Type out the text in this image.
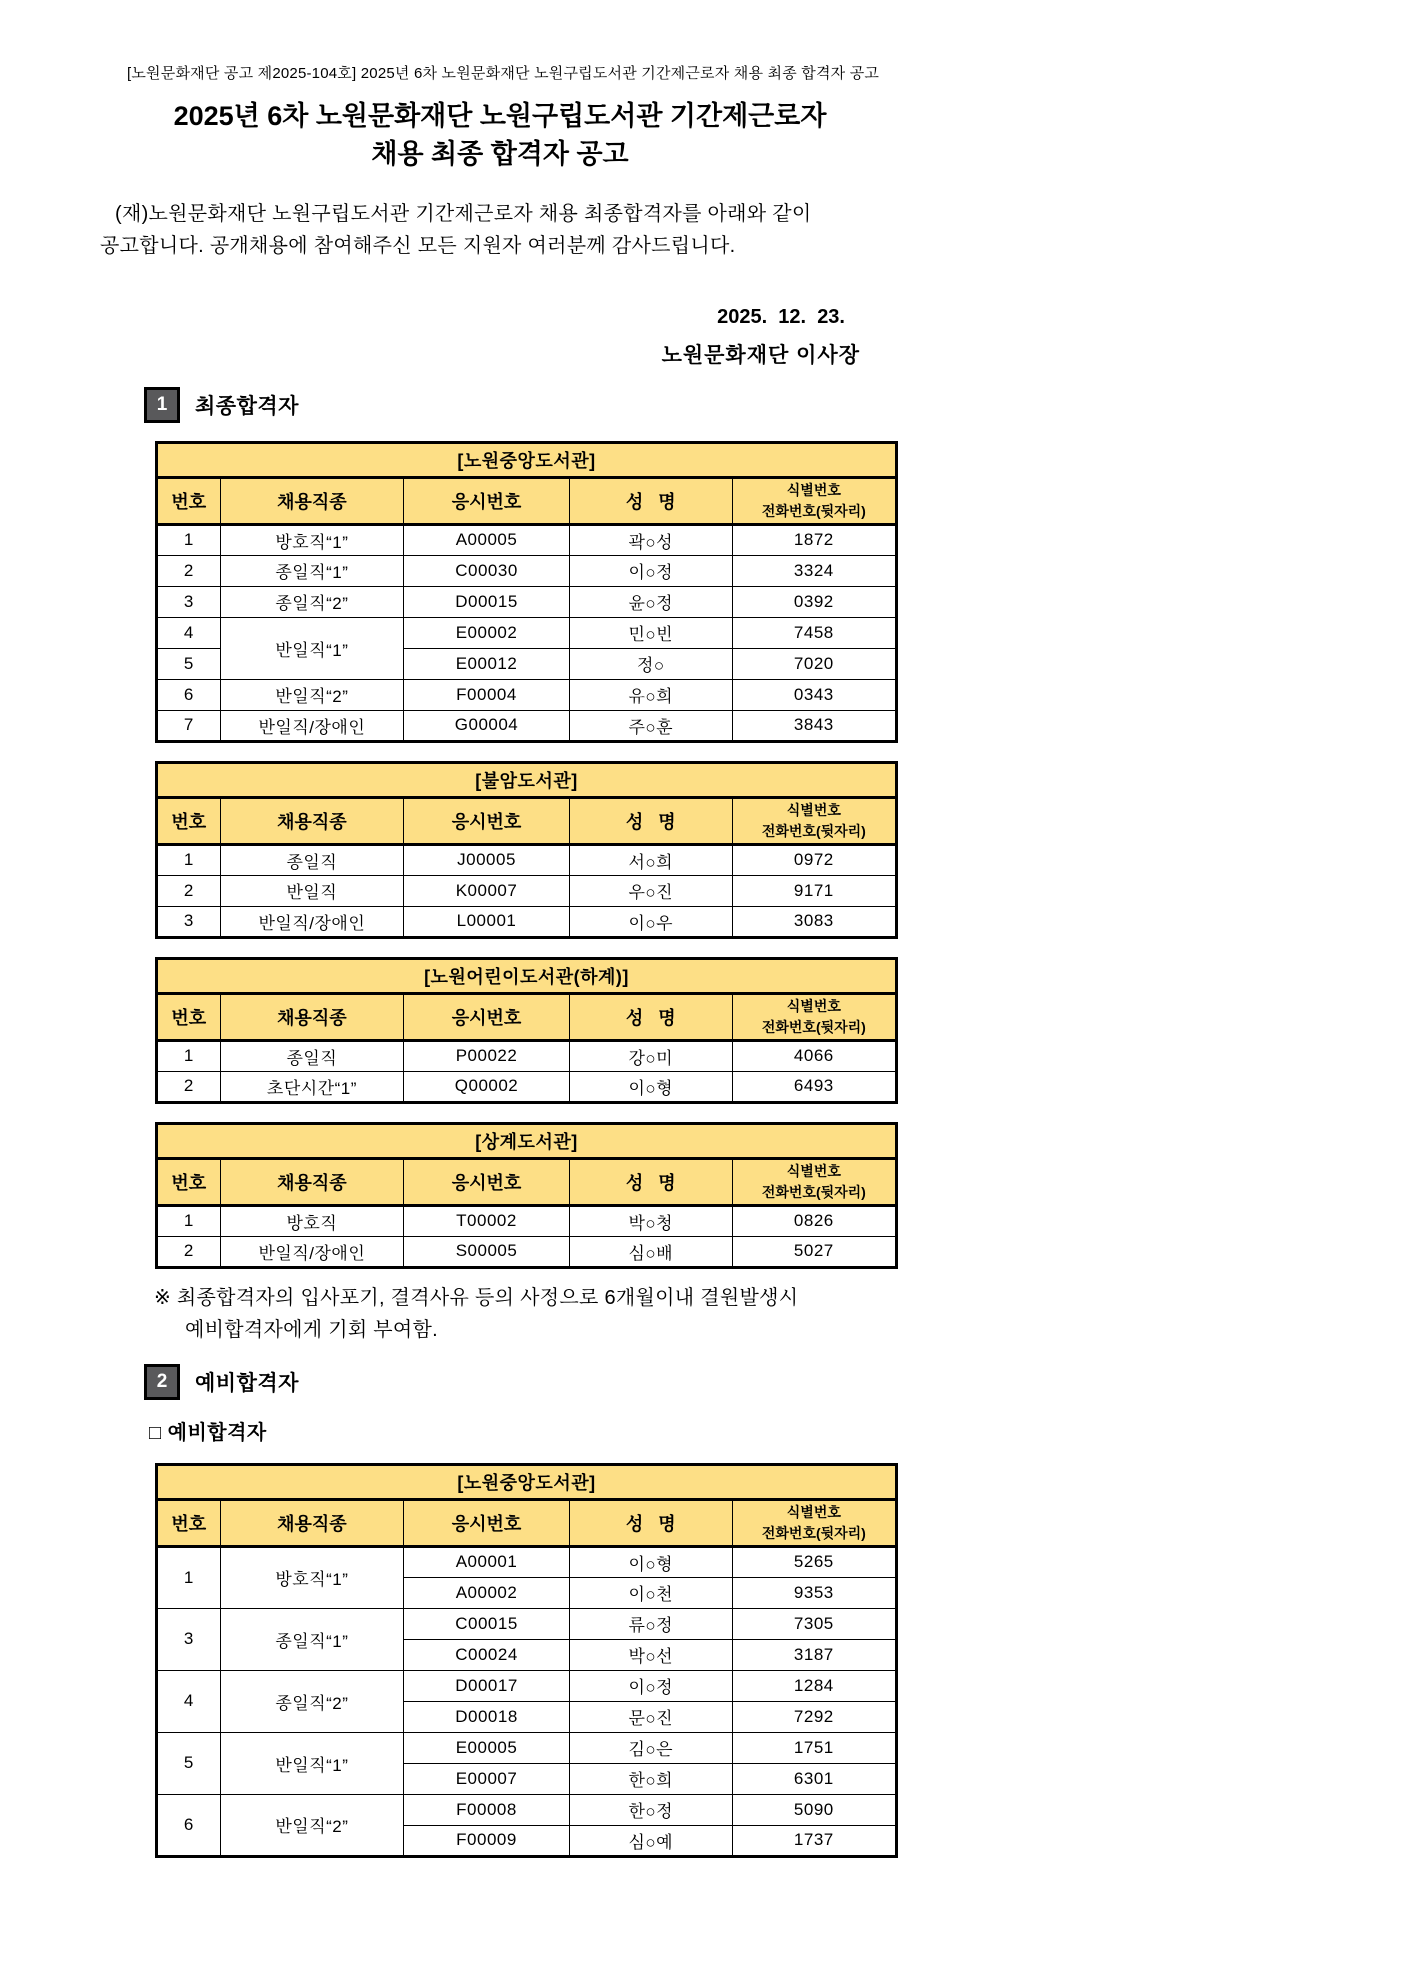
[노원문화재단 공고 제2025-104호] 2025년 6차 노원문화재단 노원구립도서관 기간제근로자 채용 최종 합격자 공고
2025년 6차 노원문화재단 노원구립도서관 기간제근로자
채용 최종 합격자 공고
(재)노원문화재단 노원구립도서관 기간제근로자 채용 최종합격자를 아래와 같이
공고합니다. 공개채용에 참여해주신 모든 지원자 여러분께 감사드립니다.
2025.  12.  23.
노원문화재단 이사장
1	최종합격자
[노원중앙도서관]				
번호	채용직종	응시번호	성   명	식별번호
전화번호(뒷자리)

1	방호직“1”	A00005	곽○성	1872
2	종일직“1”	C00030	이○정	3324
3	종일직“2”	D00015	윤○정	0392
4	반일직“1”	E00002	민○빈	7458
5		E00012	정○	7020
6	반일직“2”	F00004	유○희	0343
7	반일직/장애인	G00004	주○훈	3843
[불암도서관]				
번호	채용직종	응시번호	성   명	식별번호
전화번호(뒷자리)

1	종일직	J00005	서○희	0972
2	반일직	K00007	우○진	9171
3	반일직/장애인	L00001	이○우	3083
[노원어린이도서관(하계)]				
번호	채용직종	응시번호	성   명	식별번호
전화번호(뒷자리)

1	종일직	P00022	강○미	4066
2	초단시간“1”	Q00002	이○형	6493
[상계도서관]				
번호	채용직종	응시번호	성   명	식별번호
전화번호(뒷자리)

1	방호직	T00002	박○청	0826
2	반일직/장애인	S00005	심○배	5027
※ 최종합격자의 입사포기, 결격사유 등의 사정으로 6개월이내 결원발생시
예비합격자에게 기회 부여함.
2	예비합격자
□ 예비합격자
[노원중앙도서관]				
번호	채용직종	응시번호	성   명	식별번호
전화번호(뒷자리)

1	방호직“1”	A00001	이○형	5265
		A00002	이○천	9353
3	종일직“1”	C00015	류○정	7305
		C00024	박○선	3187
4	종일직“2”	D00017	이○정	1284
		D00018	문○진	7292
5	반일직“1”	E00005	김○은	1751
		E00007	한○희	6301
6	반일직“2”	F00008	한○정	5090
		F00009	심○예	1737
